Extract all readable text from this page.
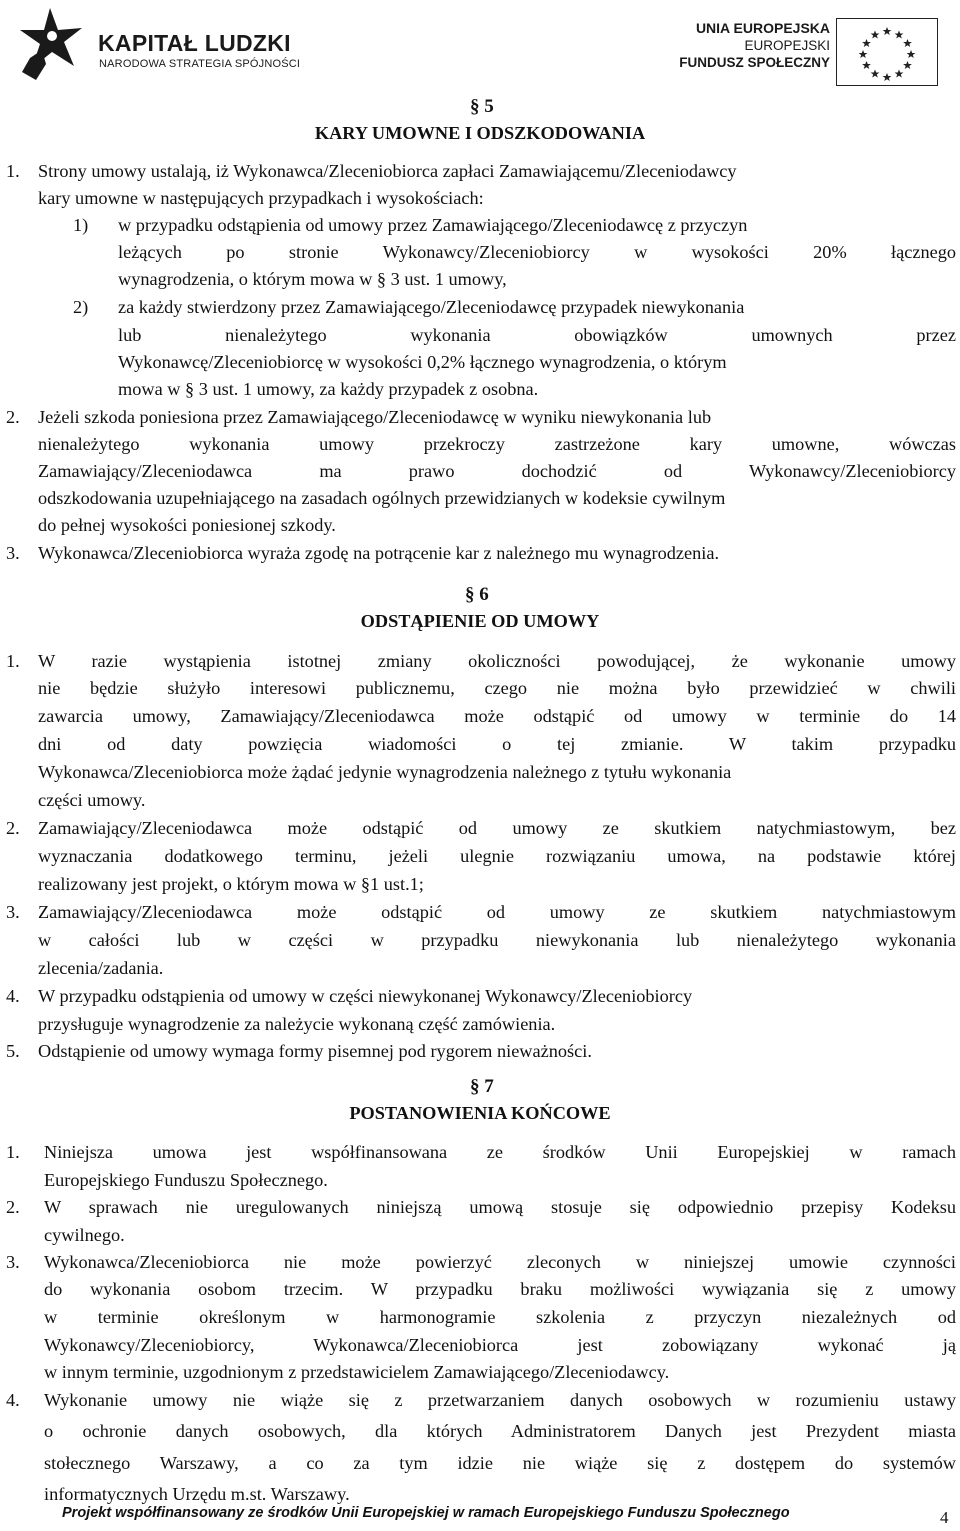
KAPITAŁ LUDZKI
NARODOWA STRATEGIA SPÓJNOŚCI
UNIA EUROPEJSKA
EUROPEJSKI
FUNDUSZ SPOŁECZNY
§ 5
KARY UMOWNE I ODSZKODOWANIA
1. Strony umowy ustalają, iż Wykonawca/Zleceniobiorca zapłaci Zamawiającemu/Zleceniodawcy
kary umowne w następujących przypadkach i wysokościach:
1) w przypadku odstąpienia od umowy przez Zamawiającego/Zleceniodawcę z przyczyn
leżących po stronie Wykonawcy/Zleceniobiorcy w wysokości 20% łącznego
wynagrodzenia, o którym mowa w § 3 ust. 1 umowy,
2) za każdy stwierdzony przez Zamawiającego/Zleceniodawcę przypadek niewykonania
lub nienależytego wykonania obowiązków umownych przez
Wykonawcę/Zleceniobiorcę w wysokości 0,2% łącznego wynagrodzenia, o którym
mowa w § 3 ust. 1 umowy, za każdy przypadek z osobna.
2. Jeżeli szkoda poniesiona przez Zamawiającego/Zleceniodawcę w wyniku niewykonania lub
nienależytego wykonania umowy przekroczy zastrzeżone kary umowne, wówczas
Zamawiający/Zleceniodawca ma prawo dochodzić od Wykonawcy/Zleceniobiorcy
odszkodowania uzupełniającego na zasadach ogólnych przewidzianych w kodeksie cywilnym
do pełnej wysokości poniesionej szkody.
3. Wykonawca/Zleceniobiorca wyraża zgodę na potrącenie kar z należnego mu wynagrodzenia.
§ 6
ODSTĄPIENIE OD UMOWY
1. W razie wystąpienia istotnej zmiany okoliczności powodującej, że wykonanie umowy
nie będzie służyło interesowi publicznemu, czego nie można było przewidzieć w chwili
zawarcia umowy, Zamawiający/Zleceniodawca może odstąpić od umowy w terminie do 14
dni od daty powzięcia wiadomości o tej zmianie. W takim przypadku
Wykonawca/Zleceniobiorca może żądać jedynie wynagrodzenia należnego z tytułu wykonania
części umowy.
2. Zamawiający/Zleceniodawca może odstąpić od umowy ze skutkiem natychmiastowym, bez
wyznaczania dodatkowego terminu, jeżeli ulegnie rozwiązaniu umowa, na podstawie której
realizowany jest projekt, o którym mowa w §1 ust.1;
3. Zamawiający/Zleceniodawca może odstąpić od umowy ze skutkiem natychmiastowym
w całości lub w części w przypadku niewykonania lub nienależytego wykonania
zlecenia/zadania.
4. W przypadku odstąpienia od umowy w części niewykonanej Wykonawcy/Zleceniobiorcy
przysługuje wynagrodzenie za należycie wykonaną część zamówienia.
5. Odstąpienie od umowy wymaga formy pisemnej pod rygorem nieważności.
§ 7
POSTANOWIENIA KOŃCOWE
1. Niniejsza umowa jest współfinansowana ze środków Unii Europejskiej w ramach
Europejskiego Funduszu Społecznego.
2. W sprawach nie uregulowanych niniejszą umową stosuje się odpowiednio przepisy Kodeksu
cywilnego.
3. Wykonawca/Zleceniobiorca nie może powierzyć zleconych w niniejszej umowie czynności
do wykonania osobom trzecim. W przypadku braku możliwości wywiązania się z umowy
w terminie określonym w harmonogramie szkolenia z przyczyn niezależnych od
Wykonawcy/Zleceniobiorcy, Wykonawca/Zleceniobiorca jest zobowiązany wykonać ją
w innym terminie, uzgodnionym z przedstawicielem Zamawiającego/Zleceniodawcy.
4. Wykonanie umowy nie wiąże się z przetwarzaniem danych osobowych w rozumieniu ustawy
o ochronie danych osobowych, dla których Administratorem Danych jest Prezydent miasta
stołecznego Warszawy, a co za tym idzie nie wiąże się z dostępem do systemów
informatycznych Urzędu m.st. Warszawy.
Projekt współfinansowany ze środków Unii Europejskiej w ramach Europejskiego Funduszu Społecznego	4
